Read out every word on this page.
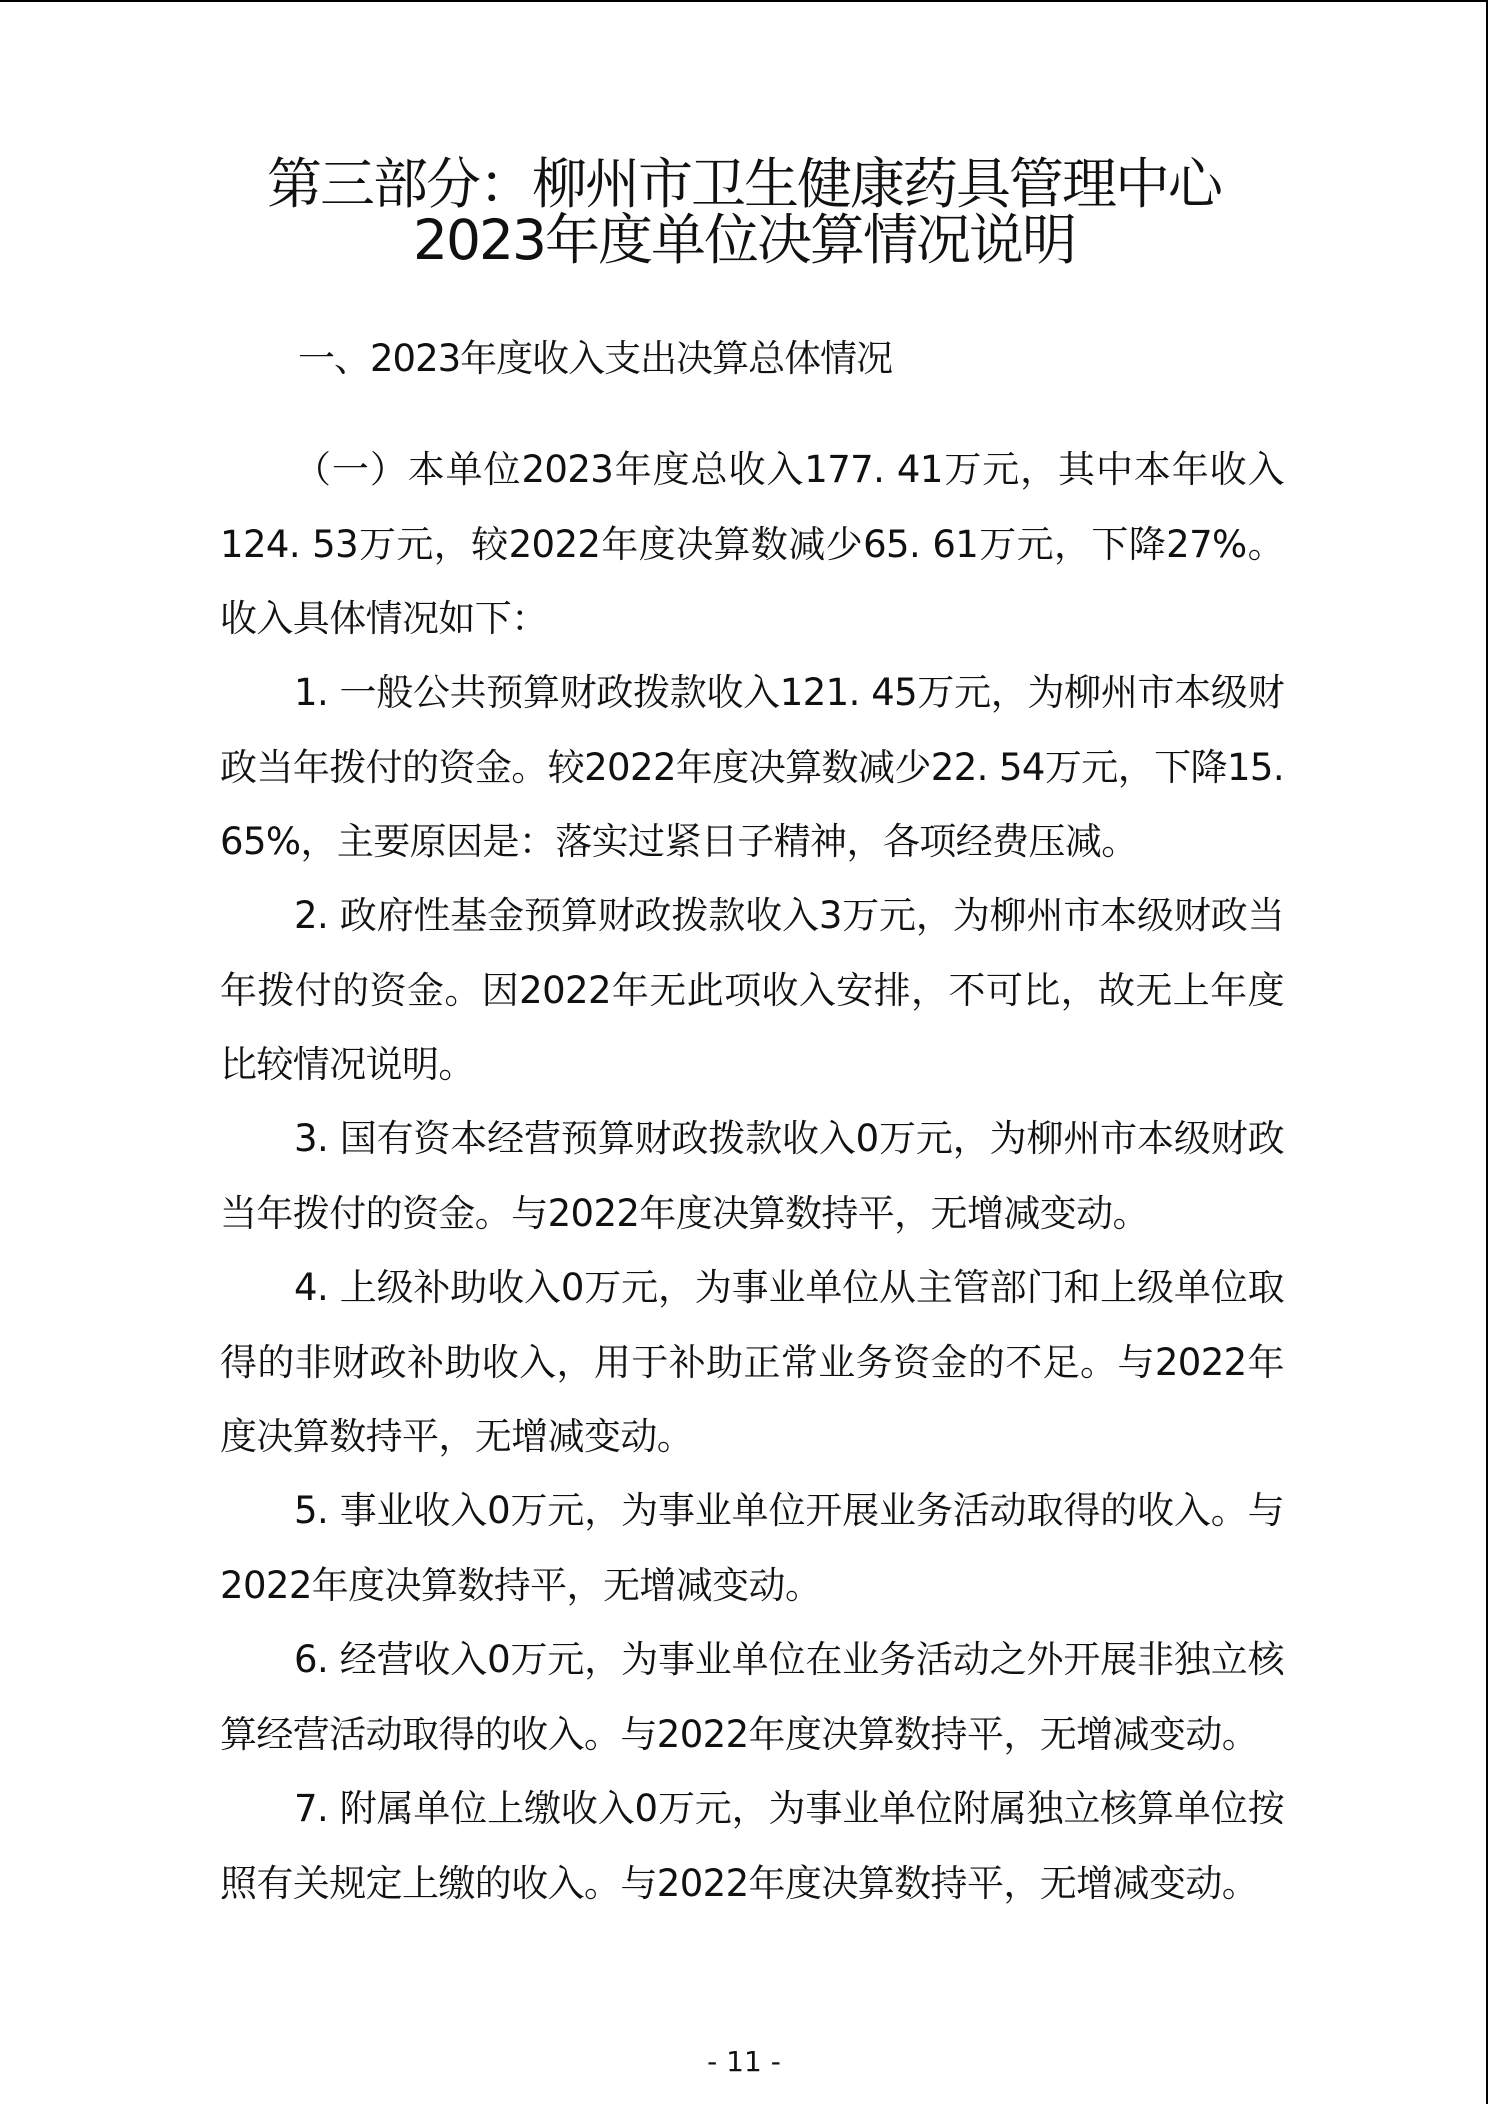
第三部分：柳州市卫生健康药具管理中心
2023年度单位决算情况说明
一、2023年度收入支出决算总体情况

（一）本单位2023年度总收入177. 41万元，其中本年收入124. 53万元，较2022年度决算数减少65. 61万元，下降27%。收入具体情况如下：

1. 一般公共预算财政拨款收入121. 45万元，为柳州市本级财政当年拨付的资金。较2022年度决算数减少22. 54万元，下降15. 65%，主要原因是：落实过紧日子精神，各项经费压减。

2. 政府性基金预算财政拨款收入3万元，为柳州市本级财政当年拨付的资金。因2022年无此项收入安排，不可比，故无上年度比较情况说明。

3. 国有资本经营预算财政拨款收入0万元，为柳州市本级财政当年拨付的资金。与2022年度决算数持平，无增减变动。

4. 上级补助收入0万元，为事业单位从主管部门和上级单位取得的非财政补助收入，用于补助正常业务资金的不足。与2022年度决算数持平，无增减变动。

5. 事业收入0万元，为事业单位开展业务活动取得的收入。与2022年度决算数持平，无增减变动。

6. 经营收入0万元，为事业单位在业务活动之外开展非独立核算经营活动取得的收入。与2022年度决算数持平，无增减变动。

7. 附属单位上缴收入0万元，为事业单位附属独立核算单位按照有关规定上缴的收入。与2022年度决算数持平，无增减变动。

- 11 -
